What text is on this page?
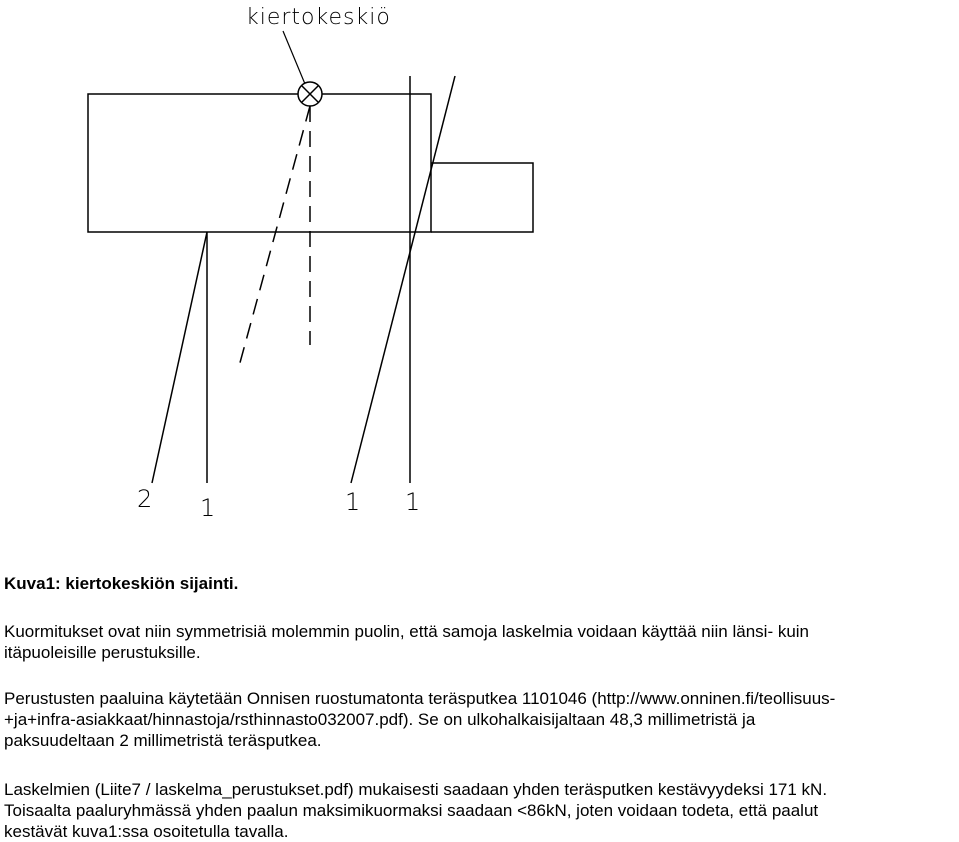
kiertokeskiö
2 1	1 1
Kuva1: kiertokeskiön sijainti.
Kuormitukset ovat niin symmetrisiä molemmin puolin, että samoja laskelmia voidaan käyttää niin länsi- kuin
itäpuoleisille perustuksille.
Perustusten paaluina käytetään Onnisen ruostumatonta teräsputkea 1101046 (http://www.onninen.fi/teollisuus-
+ja+infra-asiakkaat/hinnastoja/rsthinnasto032007.pdf). Se on ulkohalkaisijaltaan 48,3 millimetristä ja
paksuudeltaan 2 millimetristä teräsputkea.
Laskelmien (Liite7 / laskelma_perustukset.pdf) mukaisesti saadaan yhden teräsputken kestävyydeksi 171 kN.
Toisaalta paaluryhmässä yhden paalun maksimikuormaksi saadaan <86kN, joten voidaan todeta, että paalut
kestävät kuva1:ssa osoitetulla tavalla.
